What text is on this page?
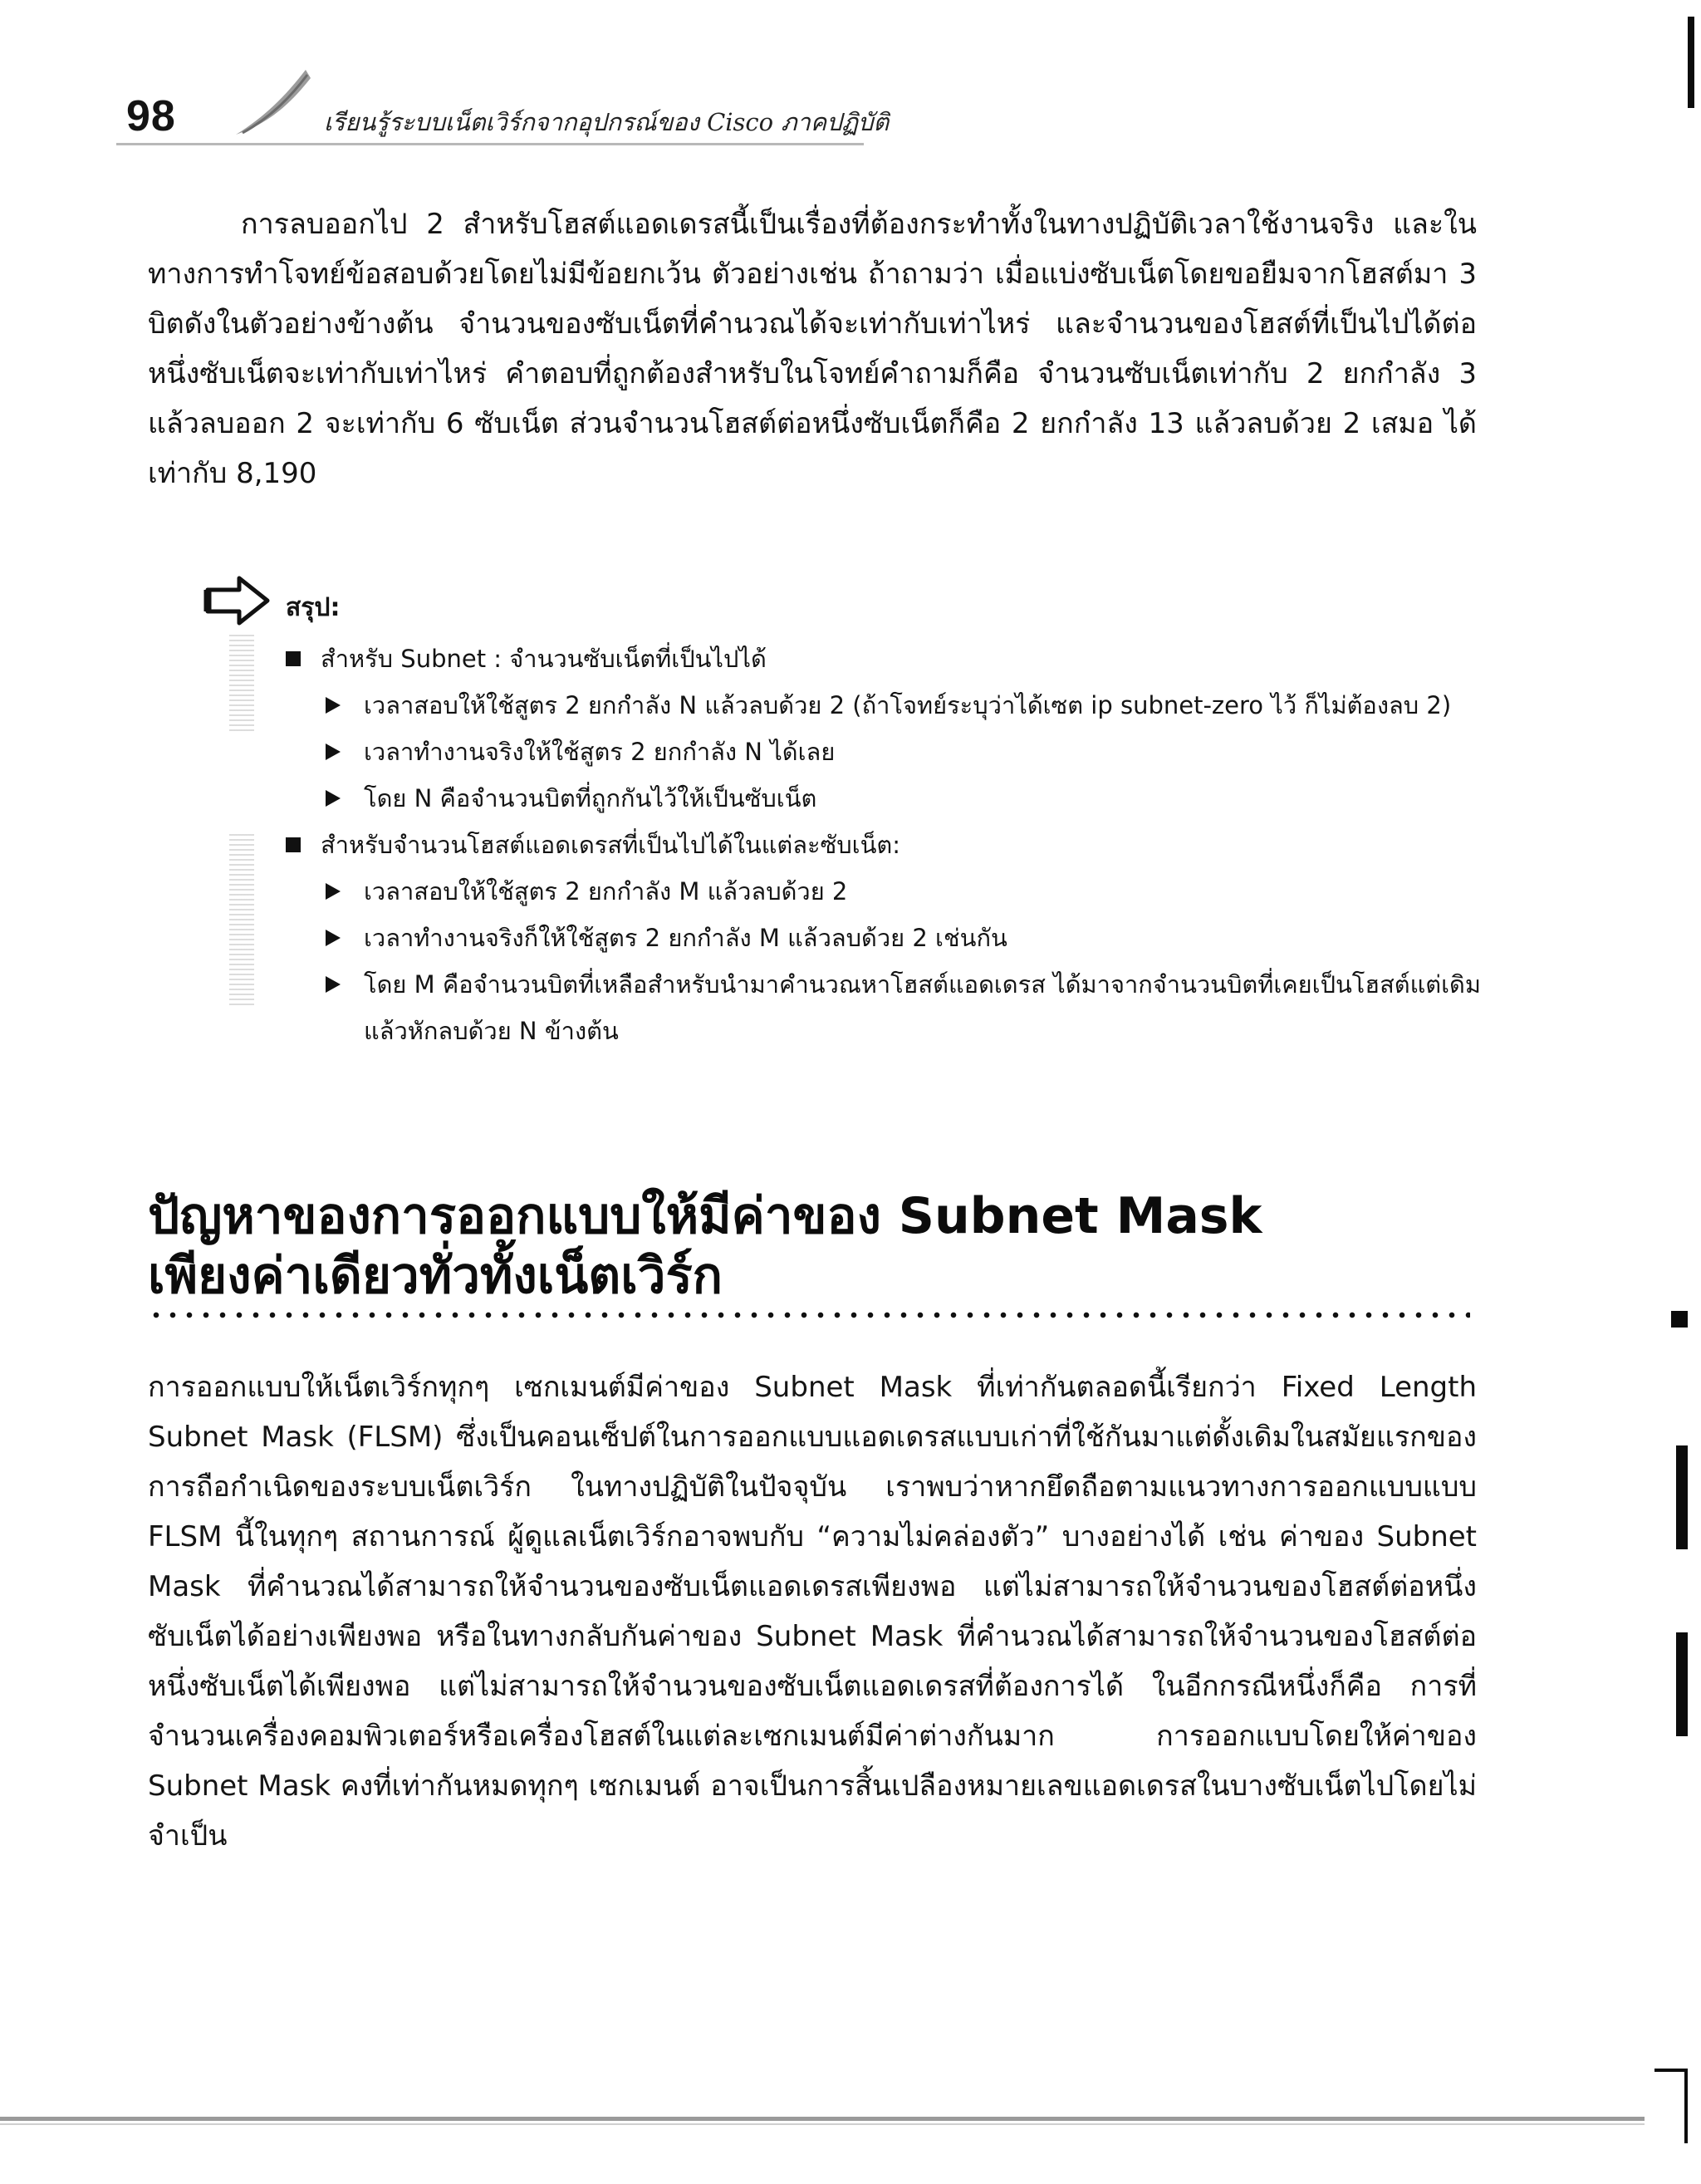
98	เรียนรู้ระบบเน็ตเวิร์กจากอุปกรณ์ของ Cisco ภาคปฏิบัติ

การลบออกไป 2 สำหรับโฮสต์แอดเดรสนี้เป็นเรื่องที่ต้องกระทำทั้งในทางปฏิบัติเวลาใช้งานจริง และในทางการทำโจทย์ข้อสอบด้วยโดยไม่มีข้อยกเว้น ตัวอย่างเช่น ถ้าถามว่า เมื่อแบ่งซับเน็ตโดยขอยืมจากโฮสต์มา 3 บิตดังในตัวอย่างข้างต้น จำนวนของซับเน็ตที่คำนวณได้จะเท่ากับเท่าไหร่ และจำนวนของโฮสต์ที่เป็นไปได้ต่อหนึ่งซับเน็ตจะเท่ากับเท่าไหร่ คำตอบที่ถูกต้องสำหรับในโจทย์คำถามก็คือ จำนวนซับเน็ตเท่ากับ 2 ยกกำลัง 3 แล้วลบออก 2 จะเท่ากับ 6 ซับเน็ต ส่วนจำนวนโฮสต์ต่อหนึ่งซับเน็ตก็คือ 2 ยกกำลัง 13 แล้วลบด้วย 2 เสมอ ได้เท่ากับ 8,190

สรุป:
สำหรับ Subnet : จำนวนซับเน็ตที่เป็นไปได้
เวลาสอบให้ใช้สูตร 2 ยกกำลัง N แล้วลบด้วย 2 (ถ้าโจทย์ระบุว่าได้เซต ip subnet-zero ไว้ ก็ไม่ต้องลบ 2)
เวลาทำงานจริงให้ใช้สูตร 2 ยกกำลัง N ได้เลย
โดย N คือจำนวนบิตที่ถูกกันไว้ให้เป็นซับเน็ต
สำหรับจำนวนโฮสต์แอดเดรสที่เป็นไปได้ในแต่ละซับเน็ต:
เวลาสอบให้ใช้สูตร 2 ยกกำลัง M แล้วลบด้วย 2
เวลาทำงานจริงก็ให้ใช้สูตร 2 ยกกำลัง M แล้วลบด้วย 2 เช่นกัน
โดย M คือจำนวนบิตที่เหลือสำหรับนำมาคำนวณหาโฮสต์แอดเดรส ได้มาจากจำนวนบิตที่เคยเป็นโฮสต์แต่เดิมแล้วหักลบด้วย N ข้างต้น
ปัญหาของการออกแบบให้มีค่าของ Subnet Mask
เพียงค่าเดียวทั่วทั้งเน็ตเวิร์ก

การออกแบบให้เน็ตเวิร์กทุกๆ เซกเมนต์มีค่าของ Subnet Mask ที่เท่ากันตลอดนี้เรียกว่า Fixed Length Subnet Mask (FLSM) ซึ่งเป็นคอนเซ็ปต์ในการออกแบบแอดเดรสแบบเก่าที่ใช้กันมาแต่ดั้งเดิมในสมัยแรกของการถือกำเนิดของระบบเน็ตเวิร์ก ในทางปฏิบัติในปัจจุบัน เราพบว่าหากยึดถือตามแนวทางการออกแบบแบบ FLSM นี้ในทุกๆ สถานการณ์ ผู้ดูแลเน็ตเวิร์กอาจพบกับ “ความไม่คล่องตัว” บางอย่างได้ เช่น ค่าของ Subnet Mask ที่คำนวณได้สามารถให้จำนวนของซับเน็ตแอดเดรสเพียงพอ แต่ไม่สามารถให้จำนวนของโฮสต์ต่อหนึ่งซับเน็ตได้อย่างเพียงพอ หรือในทางกลับกันค่าของ Subnet Mask ที่คำนวณได้สามารถให้จำนวนของโฮสต์ต่อหนึ่งซับเน็ตได้เพียงพอ แต่ไม่สามารถให้จำนวนของซับเน็ตแอดเดรสที่ต้องการได้ ในอีกกรณีหนึ่งก็คือ การที่จำนวนเครื่องคอมพิวเตอร์หรือเครื่องโฮสต์ในแต่ละเซกเมนต์มีค่าต่างกันมาก การออกแบบโดยให้ค่าของ Subnet Mask คงที่เท่ากันหมดทุกๆ เซกเมนต์ อาจเป็นการสิ้นเปลืองหมายเลขแอดเดรสในบางซับเน็ตไปโดยไม่จำเป็น
